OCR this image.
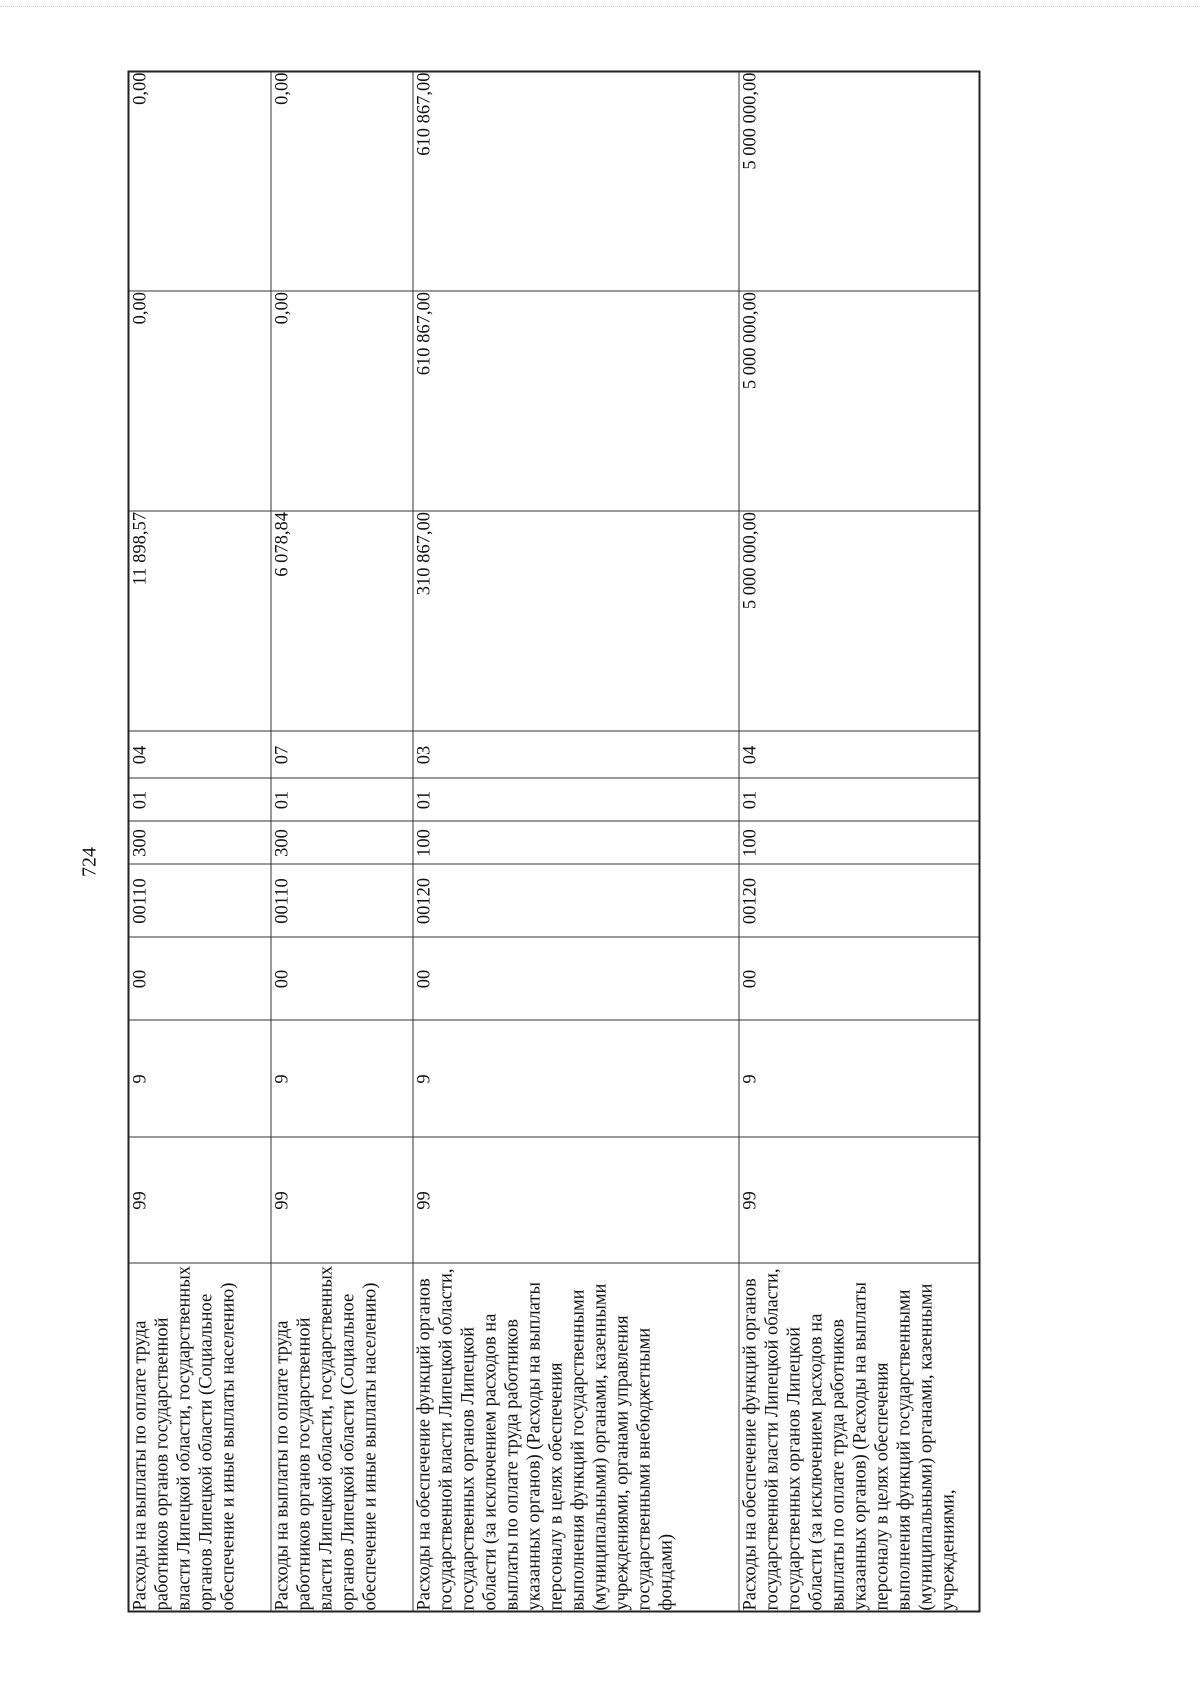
724
Расходы на выплаты по оплате труда работников органов государственной власти Липецкой области, государственных органов Липецкой области (Социальное обеспечение и иные выплаты населению)	99	9	00	00110	300	01	04	11 898,57	0,00	0,00
Расходы на выплаты по оплате труда работников органов государственной власти Липецкой области, государственных органов Липецкой области (Социальное обеспечение и иные выплаты населению)	99	9	00	00110	300	01	07	6 078,84	0,00	0,00
Расходы на обеспечение функций органов государственной власти Липецкой области, государственных органов Липецкой области (за исключением расходов на выплаты по оплате труда работников указанных органов) (Расходы на выплаты персоналу в целях обеспечения выполнения функций государственными (муниципальными) органами, казенными учреждениями, органами управления государственными внебюджетными фондами)	99	9	00	00120	100	01	03	310 867,00	610 867,00	610 867,00
Расходы на обеспечение функций органов государственной власти Липецкой области, государственных органов Липецкой области (за исключением расходов на выплаты по оплате труда работников указанных органов) (Расходы на выплаты персоналу в целях обеспечения выполнения функций государственными (муниципальными) органами, казенными учреждениями,	99	9	00	00120	100	01	04	5 000 000,00	5 000 000,00	5 000 000,00
